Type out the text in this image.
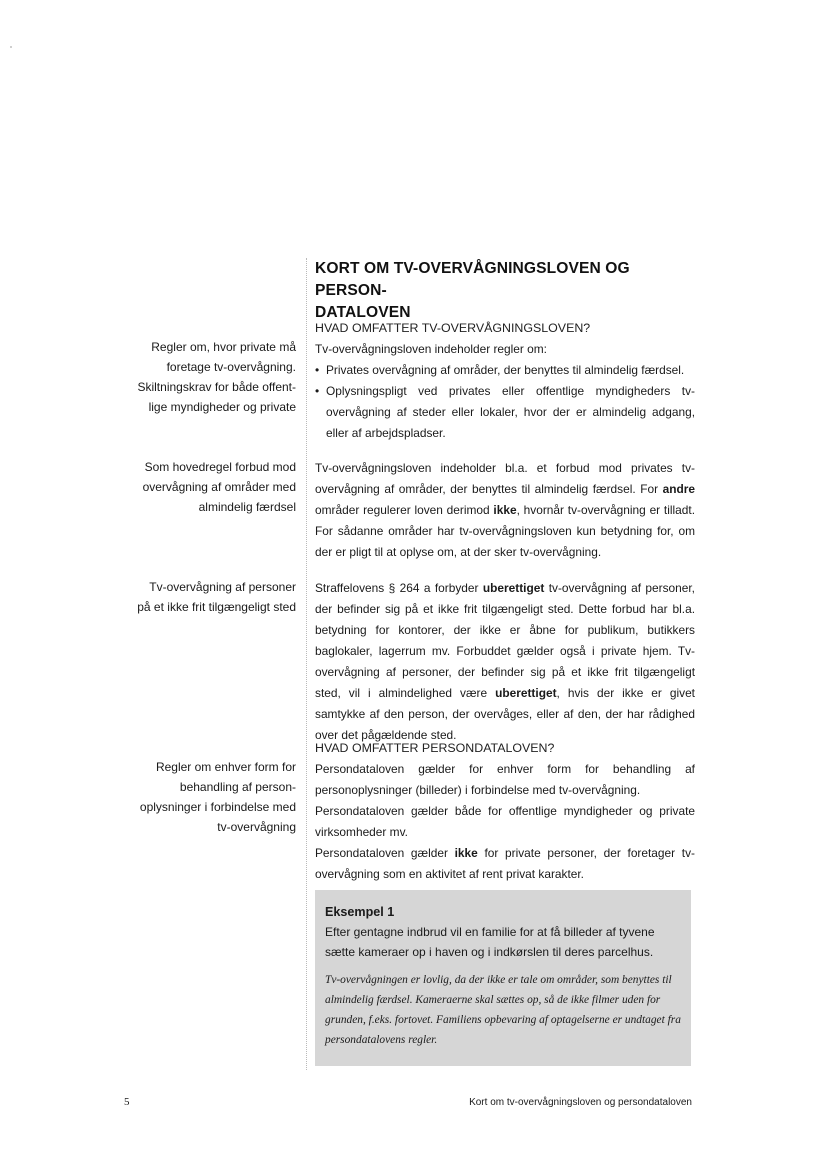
Regler om, hvor private må
foretage tv-overvågning.
Skiltningskrav for både offent-
lige myndigheder og private
Som hovedregel forbud mod
overvågning af områder med
almindelig færdsel
Tv-overvågning af personer
på et ikke frit tilgængeligt sted
Regler om enhver form for
behandling af person-
oplysninger i forbindelse med
tv-overvågning
KORT OM TV-OVERVÅGNINGSLOVEN OG PERSON-
DATALOVEN
HVAD OMFATTER TV-OVERVÅGNINGSLOVEN?

Tv-overvågningsloven indeholder regler om:

• Privates overvågning af områder, der benyttes til almindelig færdsel.
• Oplysningspligt ved privates eller offentlige myndigheders tv-overvågning af steder eller lokaler, hvor der er almindelig adgang, eller af arbejdspladser.

Tv-overvågningsloven indeholder bl.a. et forbud mod privates tv-overvågning af områder, der benyttes til almindelig færdsel. For andre områder regulerer loven derimod ikke, hvornår tv-overvågning er tilladt. For sådanne områder har tv-overvågningsloven kun betydning for, om der er pligt til at oplyse om, at der sker tv-overvågning.

Straffelovens § 264 a forbyder uberettiget tv-overvågning af personer, der befinder sig på et ikke frit tilgængeligt sted. Dette forbud har bl.a. betydning for kontorer, der ikke er åbne for publikum, butikkers baglokaler, lagerrum mv. Forbuddet gælder også i private hjem. Tv-overvågning af personer, der befinder sig på et ikke frit tilgængeligt sted, vil i almindelighed være uberettiget, hvis der ikke er givet samtykke af den person, der overvåges, eller af den, der har rådighed over det pågældende sted.

HVAD OMFATTER PERSONDATALOVEN?

Persondataloven gælder for enhver form for behandling af personoplysninger (billeder) i forbindelse med tv-overvågning.

Persondataloven gælder både for offentlige myndigheder og private virksomheder mv.

Persondataloven gælder ikke for private personer, der foretager tv-overvågning som en aktivitet af rent privat karakter.

Eksempel 1
Efter gentagne indbrud vil en familie for at få billeder af tyvene sætte kameraer op i haven og i indkørslen til deres parcelhus.
Tv-overvågningen er lovlig, da der ikke er tale om områder, som benyttes til almindelig færdsel. Kameraerne skal sættes op, så de ikke filmer uden for grunden, f.eks. fortovet. Familiens opbevaring af optagelserne er undtaget fra persondatalovens regler.
5	Kort om tv-overvågningsloven og persondataloven
